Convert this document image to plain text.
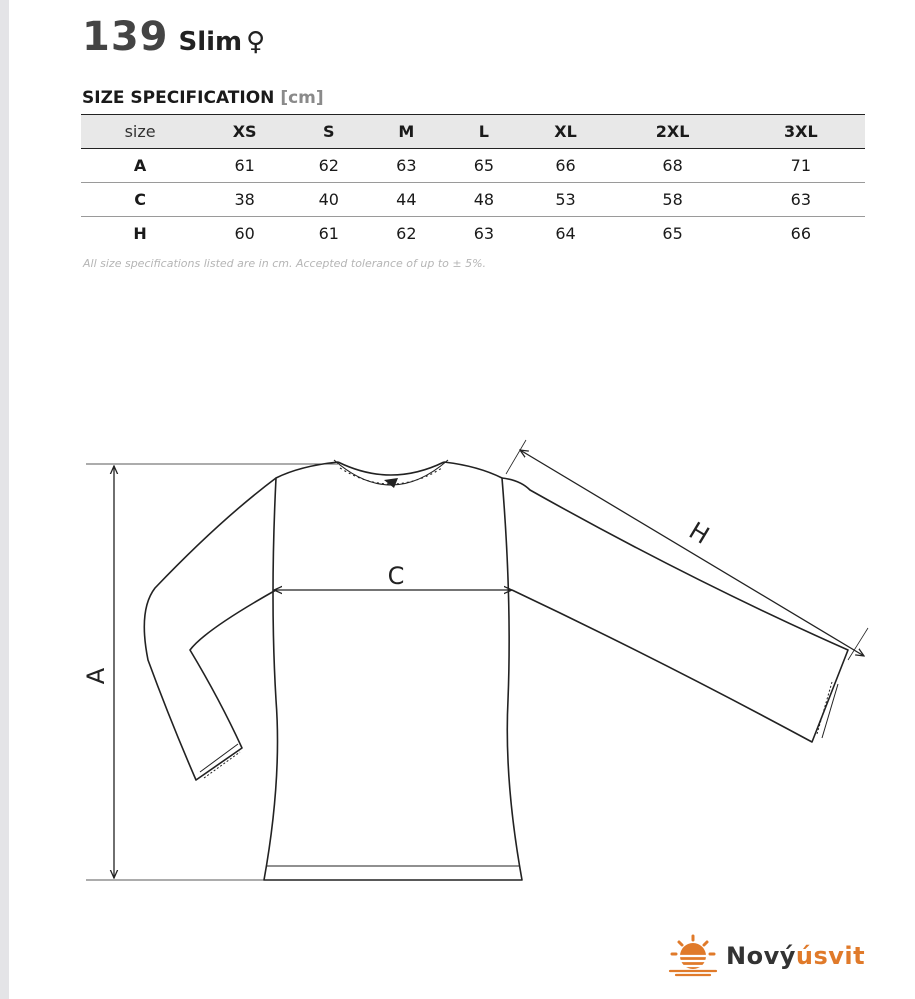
139 Slim ♀
SIZE SPECIFICATION [cm]
size	XS	S	M	L	XL	2XL	3XL
A	61	62	63	65	66	68	71
C	38	40	44	48	53	58	63
H	60	61	62	63	64	65	66
All size specifications listed are in cm. Accepted tolerance of up to ± 5%.
A
C
H
Novýúsvit
